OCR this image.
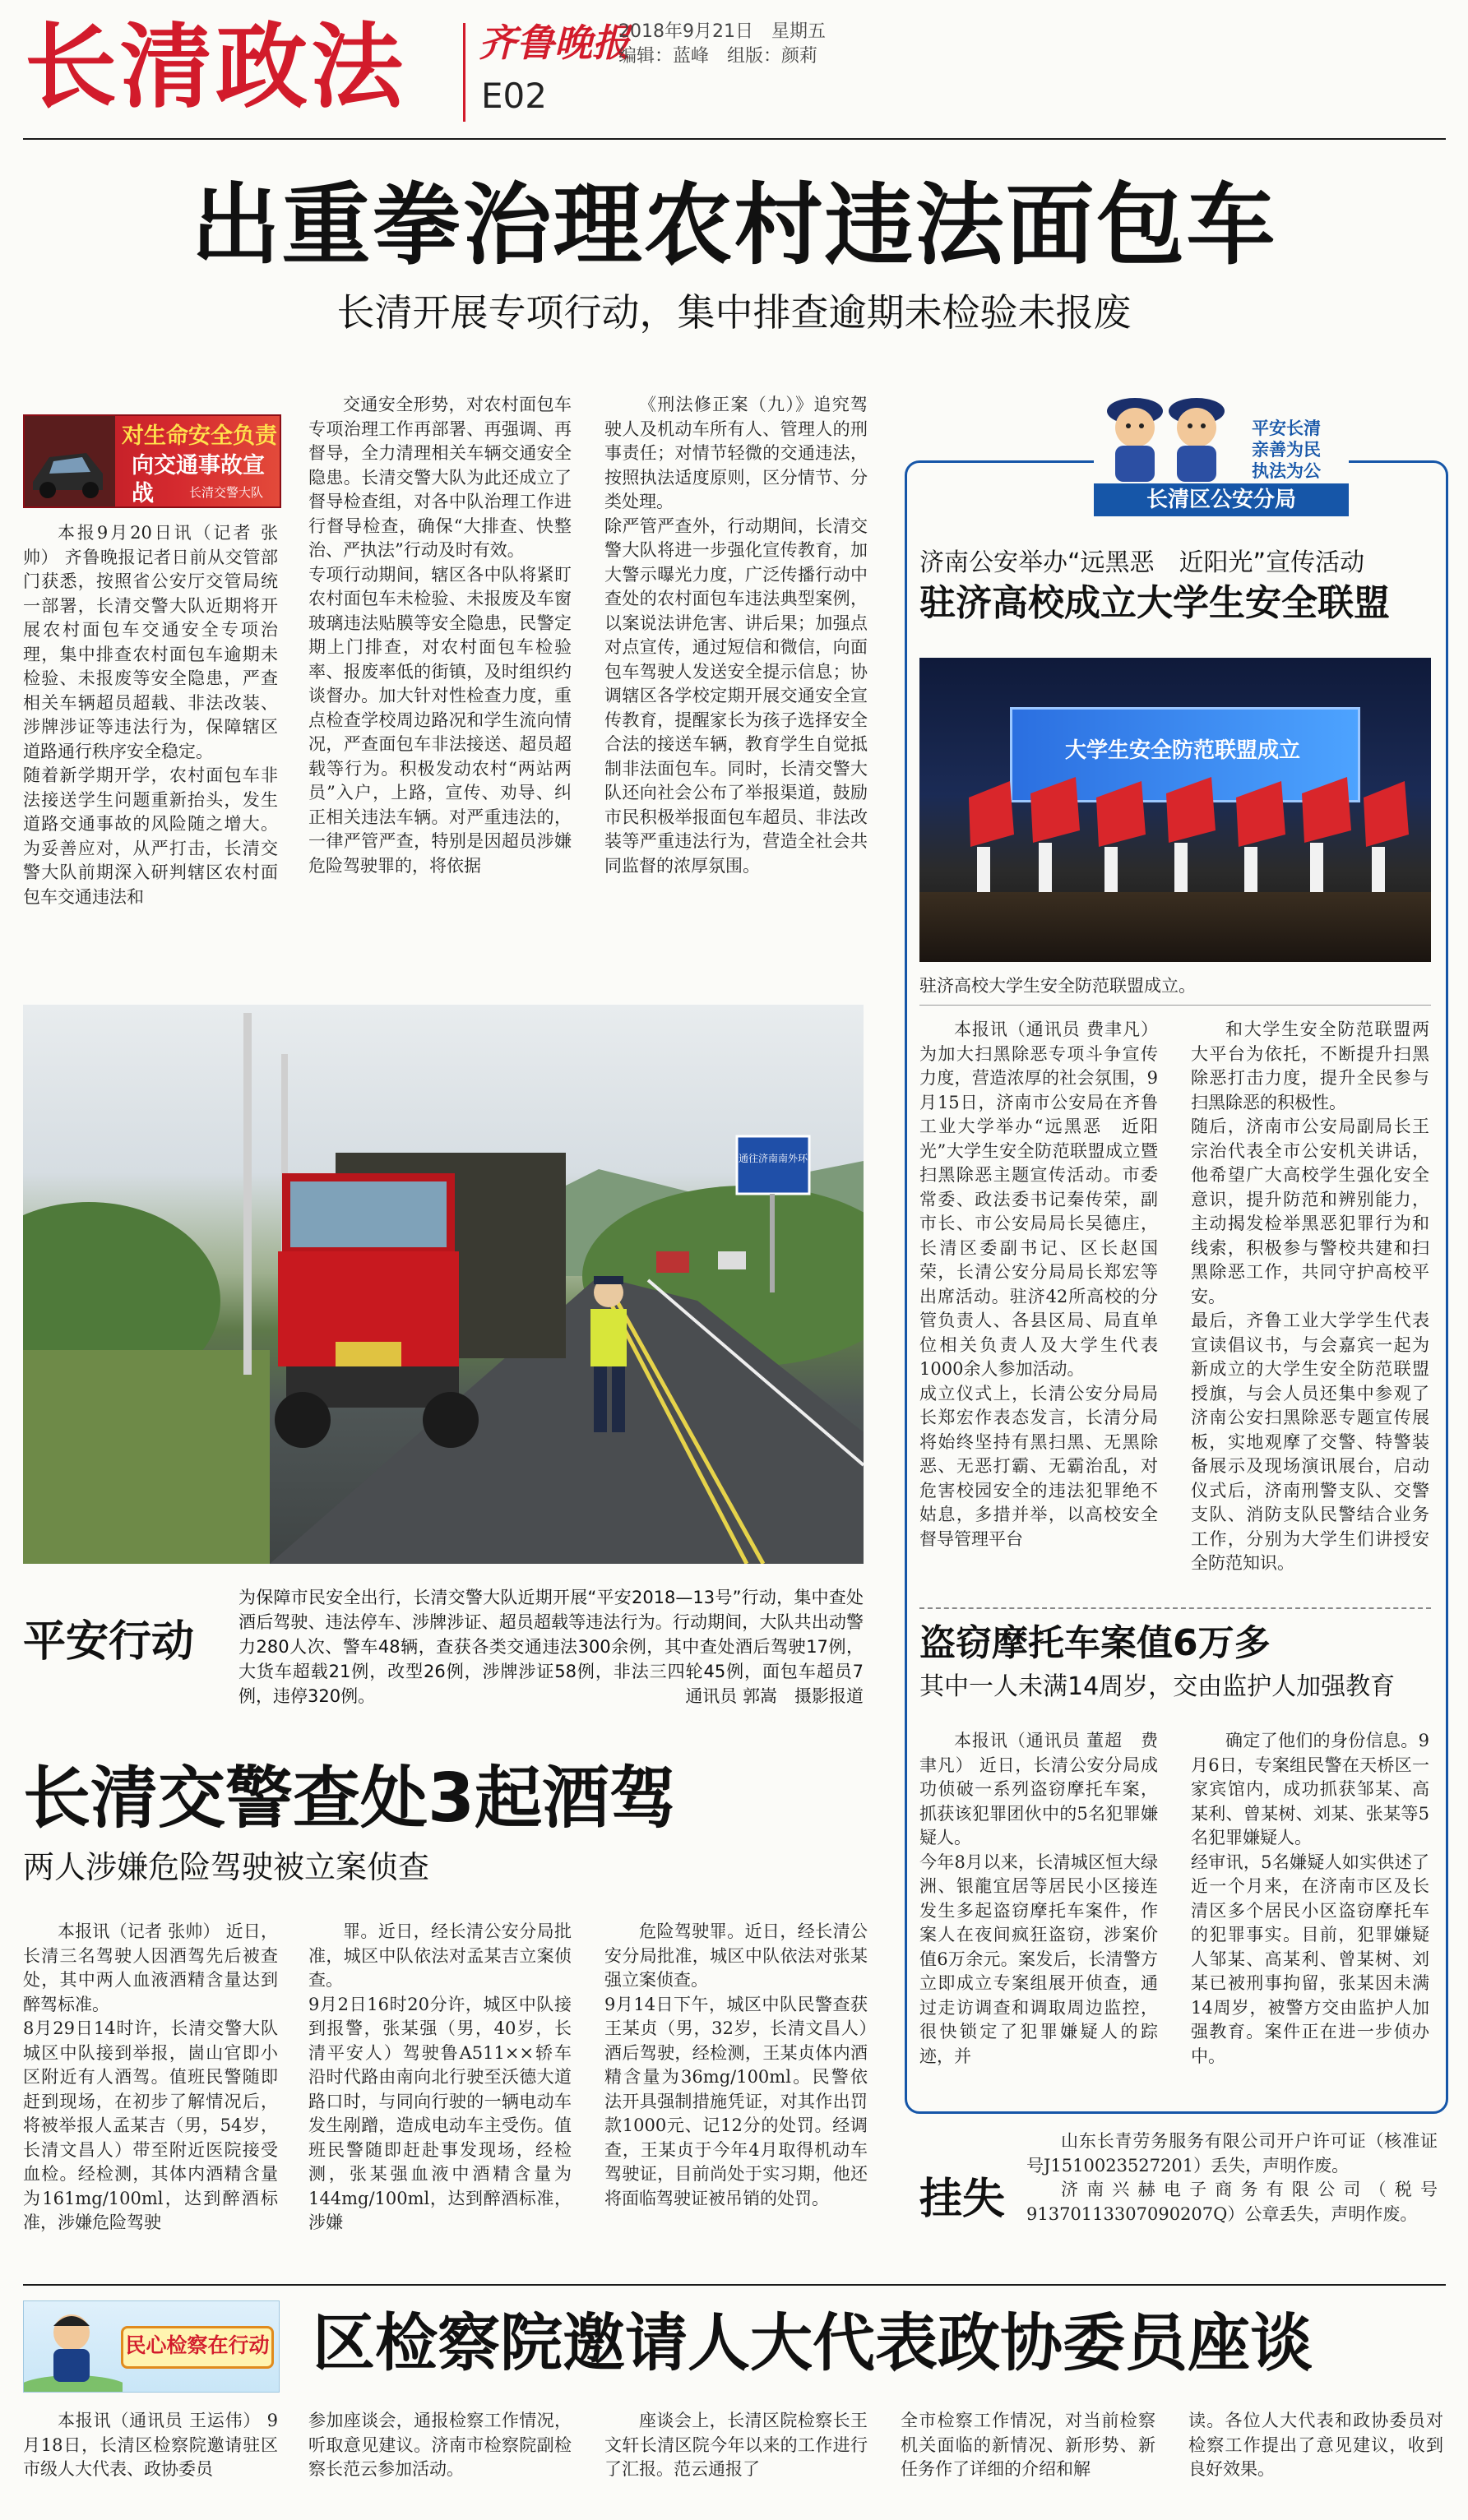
长清政法 齐鲁晚报
2018年9月21日　星期五
编辑：蓝峰　组版：颜莉
E02
出重拳治理农村违法面包车
长清开展专项行动，集中排查逾期未检验未报废
对生命安全负责
向交通事故宣战	长清交警大队

本报9月20日讯（记者 张帅） 齐鲁晚报记者日前从交管部门获悉，按照省公安厅交管局统一部署，长清交警大队近期将开展农村面包车交通安全专项治理，集中排查农村面包车逾期未检验、未报废等安全隐患，严查相关车辆超员超载、非法改装、涉牌涉证等违法行为，保障辖区道路通行秩序安全稳定。
随着新学期开学，农村面包车非法接送学生问题重新抬头，发生道路交通事故的风险随之增大。为妥善应对，从严打击，长清交警大队前期深入研判辖区农村面包车交通违法和

交通安全形势，对农村面包车专项治理工作再部署、再强调、再督导，全力清理相关车辆交通安全隐患。长清交警大队为此还成立了督导检查组，对各中队治理工作进行督导检查，确保“大排查、快整治、严执法”行动及时有效。
专项行动期间，辖区各中队将紧盯农村面包车未检验、未报废及车窗玻璃违法贴膜等安全隐患，民警定期上门排查，对农村面包车检验率、报废率低的街镇，及时组织约谈督办。加大针对性检查力度，重点检查学校周边路况和学生流向情况，严查面包车非法接送、超员超载等行为。积极发动农村“两站两员”入户，上路，宣传、劝导、纠正相关违法车辆。对严重违法的，一律严管严查，特别是因超员涉嫌危险驾驶罪的，将依据

《刑法修正案（九）》追究驾驶人及机动车所有人、管理人的刑事责任；对情节轻微的交通违法，按照执法适度原则，区分情节、分类处理。
除严管严查外，行动期间，长清交警大队将进一步强化宣传教育，加大警示曝光力度，广泛传播行动中查处的农村面包车违法典型案例，以案说法讲危害、讲后果；加强点对点宣传，通过短信和微信，向面包车驾驶人发送安全提示信息；协调辖区各学校定期开展交通安全宣传教育，提醒家长为孩子选择安全合法的接送车辆，教育学生自觉抵制非法面包车。同时，长清交警大队还向社会公布了举报渠道，鼓励市民积极举报面包车超员、非法改装等严重违法行为，营造全社会共同监督的浓厚氛围。

平安长清
亲善为民
执法为公
长清区公安分局
济南公安举办“远黑恶　近阳光”宣传活动
驻济高校成立大学生安全联盟
大学生安全防范联盟成立
驻济高校大学生安全防范联盟成立。

本报讯（通讯员 费聿凡） 为加大扫黑除恶专项斗争宣传力度，营造浓厚的社会氛围，9月15日，济南市公安局在齐鲁工业大学举办“远黑恶　近阳光”大学生安全防范联盟成立暨扫黑除恶主题宣传活动。市委常委、政法委书记秦传荣，副市长、市公安局局长吴德庄，长清区委副书记、区长赵国荣，长清公安分局局长郑宏等出席活动。驻济42所高校的分管负责人、各县区局、局直单位相关负责人及大学生代表1000余人参加活动。
成立仪式上，长清公安分局局长郑宏作表态发言，长清分局将始终坚持有黑扫黑、无黑除恶、无恶打霸、无霸治乱，对危害校园安全的违法犯罪绝不姑息，多措并举，以高校安全督导管理平台

和大学生安全防范联盟两大平台为依托，不断提升扫黑除恶打击力度，提升全民参与扫黑除恶的积极性。
随后，济南市公安局副局长王宗治代表全市公安机关讲话，他希望广大高校学生强化安全意识，提升防范和辨别能力，主动揭发检举黑恶犯罪行为和线索，积极参与警校共建和扫黑除恶工作，共同守护高校平安。
最后，齐鲁工业大学学生代表宣读倡议书，与会嘉宾一起为新成立的大学生安全防范联盟授旗，与会人员还集中参观了济南公安扫黑除恶专题宣传展板，实地观摩了交警、特警装备展示及现场演讯展台，启动仪式后，济南刑警支队、交警支队、消防支队民警结合业务工作，分别为大学生们讲授安全防范知识。

盗窃摩托车案值6万多
其中一人未满14周岁，交由监护人加强教育

本报讯（通讯员 董超　费聿凡） 近日，长清公安分局成功侦破一系列盗窃摩托车案，抓获该犯罪团伙中的5名犯罪嫌疑人。
今年8月以来，长清城区恒大绿洲、银龍宜居等居民小区接连发生多起盗窃摩托车案件，作案人在夜间疯狂盗窃，涉案价值6万余元。案发后，长清警方立即成立专案组展开侦查，通过走访调查和调取周边监控，很快锁定了犯罪嫌疑人的踪迹，并

确定了他们的身份信息。9月6日，专案组民警在天桥区一家宾馆内，成功抓获邹某、高某利、曾某树、刘某、张某等5名犯罪嫌疑人。
经审讯，5名嫌疑人如实供述了近一个月来，在济南市区及长清区多个居民小区盗窃摩托车的犯罪事实。目前，犯罪嫌疑人邹某、高某利、曾某树、刘某已被刑事拘留，张某因未满14周岁，被警方交由监护人加强教育。案件正在进一步侦办中。

通往济南南外环
平安行动
为保障市民安全出行，长清交警大队近期开展“平安2018—13号”行动，集中查处酒后驾驶、违法停车、涉牌涉证、超员超载等违法行为。行动期间，大队共出动警力280人次、警车48辆，查获各类交通违法300余例，其中查处酒后驾驶17例，大货车超载21例，改型26例，涉牌涉证58例，非法三四轮45例，面包车超员7例，违停320例。	通讯员 郭嵩　摄影报道
长清交警查处3起酒驾
两人涉嫌危险驾驶被立案侦查

本报讯（记者 张帅） 近日，长清三名驾驶人因酒驾先后被查处，其中两人血液酒精含量达到醉驾标准。
8月29日14时许，长清交警大队城区中队接到举报，崮山官即小区附近有人酒驾。值班民警随即赶到现场，在初步了解情况后，将被举报人孟某吉（男，54岁，长清文昌人）带至附近医院接受血检。经检测，其体内酒精含量为161mg/100ml，达到醉酒标准，涉嫌危险驾驶

罪。近日，经长清公安分局批准，城区中队依法对孟某吉立案侦查。
9月2日16时20分许，城区中队接到报警，张某强（男，40岁，长清平安人）驾驶鲁A511××轿车沿时代路由南向北行驶至沃德大道路口时，与同向行驶的一辆电动车发生剐蹭，造成电动车主受伤。值班民警随即赶赴事发现场，经检测，张某强血液中酒精含量为144mg/100ml，达到醉酒标准，涉嫌

危险驾驶罪。近日，经长清公安分局批准，城区中队依法对张某强立案侦查。
9月14日下午，城区中队民警查获王某贞（男，32岁，长清文昌人）酒后驾驶，经检测，王某贞体内酒精含量为36mg/100ml。民警依法开具强制措施凭证，对其作出罚款1000元、记12分的处罚。经调查，王某贞于今年4月取得机动车驾驶证，目前尚处于实习期，他还将面临驾驶证被吊销的处罚。	挂失

山东长青劳务服务有限公司开户许可证（核准证号J1510023527201）丢失，声明作废。

济南兴赫电子商务有限公司（税号91370113307090207Q）公章丢失，声明作废。

民心检察在行动 区检察院邀请人大代表政协委员座谈

本报讯（通讯员 王运伟） 9月18日，长清区检察院邀请驻区市级人大代表、政协委员

参加座谈会，通报检察工作情况，听取意见建议。济南市检察院副检察长范云参加活动。

座谈会上，长清区院检察长王文轩长清区院今年以来的工作进行了汇报。范云通报了

全市检察工作情况，对当前检察机关面临的新情况、新形势、新任务作了详细的介绍和解

读。各位人大代表和政协委员对检察工作提出了意见建议，收到良好效果。
